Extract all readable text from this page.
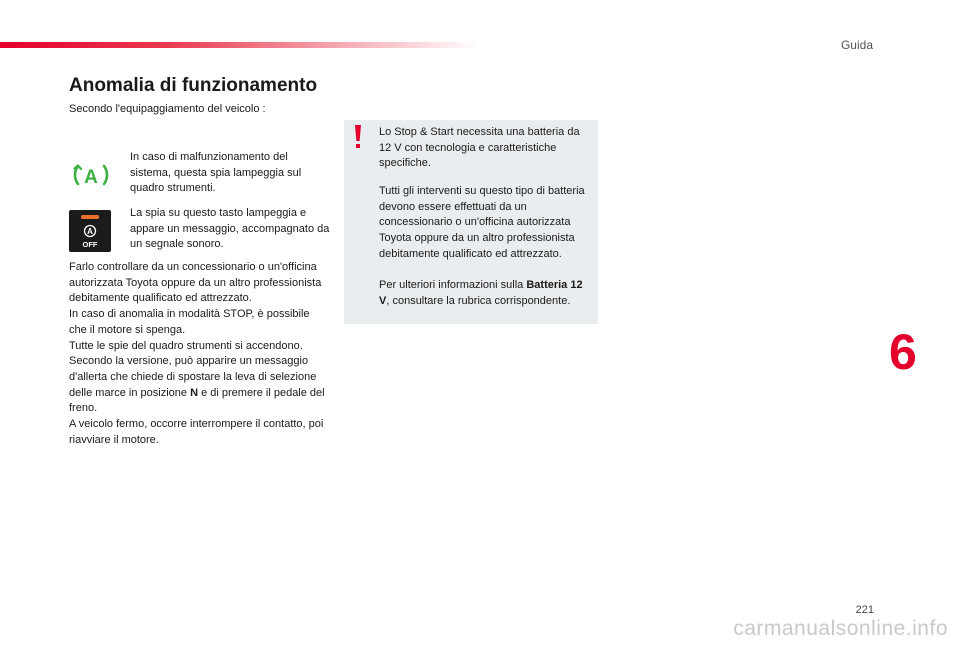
Guida
Anomalia di funzionamento
Secondo l'equipaggiamento del veicolo :
A
In caso di malfunzionamento del sistema, questa spia lampeggia sul quadro strumenti.
A
OFF
La spia su questo tasto lampeggia e appare un messaggio, accompagnato da un segnale sonoro.
Farlo controllare da un concessionario o un'officina autorizzata Toyota oppure da un altro professionista debitamente qualificato ed attrezzato.
In caso di anomalia in modalità STOP, è possibile che il motore si spenga.
Tutte le spie del quadro strumenti si accendono.
Secondo la versione, può apparire un messaggio d'allerta che chiede di spostare la leva di selezione delle marce in posizione N e di premere il pedale del freno.
A veicolo fermo, occorre interrompere il contatto, poi riavviare il motore.
Lo Stop & Start necessita una batteria da 12 V con tecnologia e caratteristiche specifiche.
Tutti gli interventi su questo tipo di batteria devono essere effettuati da un concessionario o un'officina autorizzata Toyota oppure da un altro professionista debitamente qualificato ed attrezzato.
Per ulteriori informazioni sulla Batteria 12 V, consultare la rubrica corrispondente.
6
221
carmanualsonline.info
